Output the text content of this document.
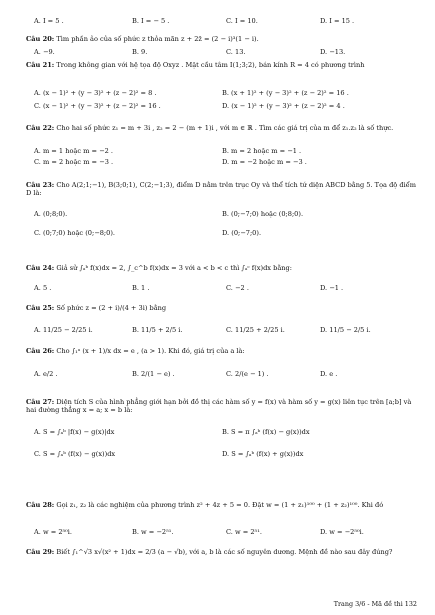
A. I = 5 .	B. I = − 5 .	C. I = 10.	D. I = 15 .

Câu 20: Tìm phần ảo của số phức z thỏa mãn z + 2z̄ = (2 − i)³(1 − i).

A. −9.	B. 9.	C. 13.	D. −13.

Câu 21: Trong không gian với hệ tọa độ Oxyz . Mặt cầu tâm I(1;3;2), bán kính R = 4 có phương trình

A. (x − 1)² + (y − 3)² + (z − 2)² = 8 .	B. (x + 1)² + (y − 3)² + (z − 2)² = 16 .
C. (x − 1)² + (y − 3)² + (z − 2)² = 16 .	D. (x − 1)² + (y − 3)² + (z − 2)² = 4 .

Câu 22: Cho hai số phức z₁ = m + 3i , z₂ = 2 − (m + 1)i , với m ∈ ℝ . Tìm các giá trị của m để z₁.z₂ là số thực.

A. m = 1 hoặc m = −2 .	B. m = 2 hoặc m = −1 .
C. m = 2 hoặc m = −3 .	D. m = −2 hoặc m = −3 .

Câu 23: Cho A(2;1;−1), B(3;0;1), C(2;−1;3), điểm D nằm trên trục Oy và thể tích tứ diện ABCD bằng 5. Tọa độ điểm D là:

A. (0;8;0).	B. (0;−7;0) hoặc (0;8;0).
C. (0;7;0) hoặc (0;−8;0).	D. (0;−7;0).

Câu 24: Giả sử ∫ₐᵇ f(x)dx = 2, ∫_c^b f(x)dx = 3 với a < b < c thì ∫ₐᶜ f(x)dx bằng:

A. 5 .	B. 1 .	C. −2 .	D. −1 .

Câu 25: Số phức z = (2 + i)/(4 + 3i) bằng

A. 11/25 − 2/25 i.	B. 11/5 + 2/5 i.	C. 11/25 + 2/25 i.	D. 11/5 − 2/5 i.

Câu 26: Cho ∫₁ᵃ (x + 1)/x dx = e , (a > 1). Khi đó, giá trị của a là:

A. e/2 .	B. 2/(1 − e) .	C. 2/(e − 1) .	D. e .

Câu 27: Diện tích S của hình phẳng giới hạn bởi đồ thị các hàm số y = f(x) và hàm số y = g(x) liên tục trên [a;b] và hai đường thẳng x = a; x = b là:

A. S = ∫ₐᵇ |f(x) − g(x)|dx	B. S = π ∫ₐᵇ (f(x) − g(x))dx
C. S = ∫ₐᵇ (f(x) − g(x))dx	D. S = ∫ₐᵇ (f(x) + g(x))dx

Câu 28: Gọi z₁, z₂ là các nghiệm của phương trình z² + 4z + 5 = 0. Đặt w = (1 + z₁)¹⁰⁰ + (1 + z₂)¹⁰⁰. Khi đó

A. w = 2⁵⁰i.	B. w = −2⁵¹.	C. w = 2⁵¹.	D. w = −2⁵⁰i.

Câu 29: Biết ∫₁^√3 x√(x² + 1)dx = 2/3 (a − √b), với a, b là các số nguyên dương. Mệnh đề nào sau đây đúng?

Trang 3/6 - Mã đề thi 132
